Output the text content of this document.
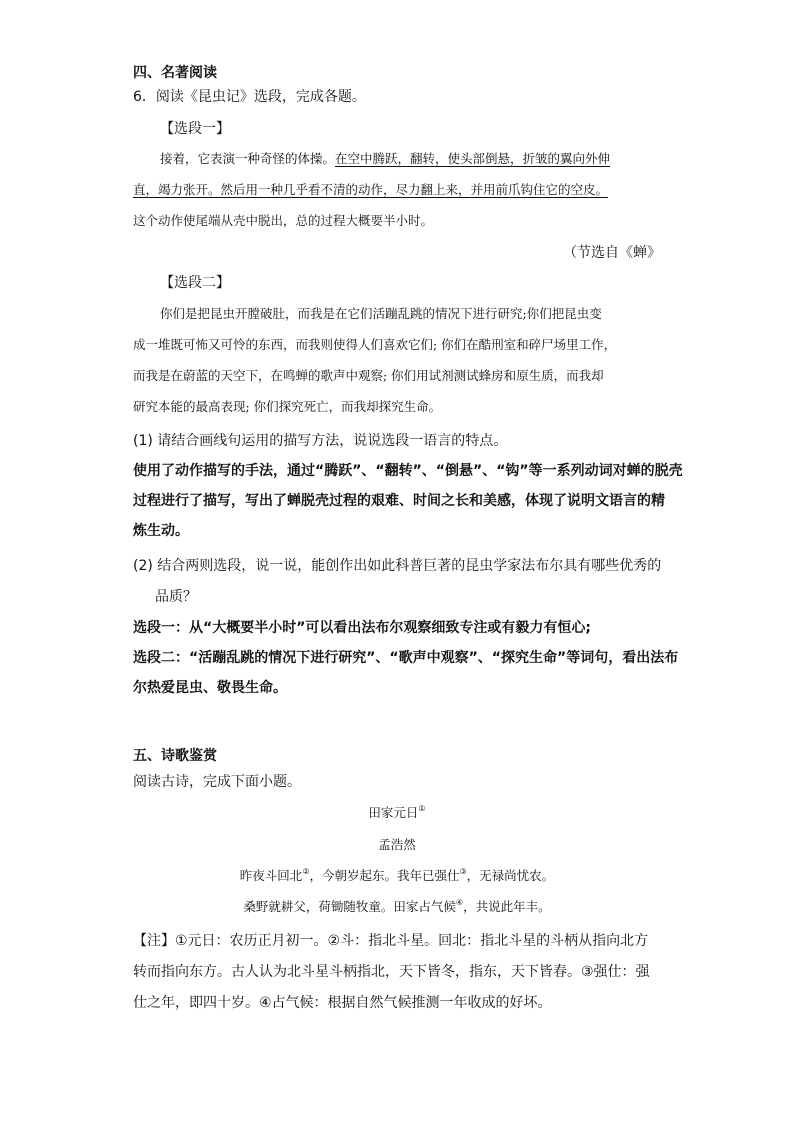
四、名著阅读
6．阅读《昆虫记》选段，完成各题。
【选段一】
接着，它表演一种奇怪的体操。在空中腾跃，翻转，使头部倒悬，折皱的翼向外伸
直，竭力张开。然后用一种几乎看不清的动作，尽力翻上来，并用前爪钩住它的空皮。
这个动作使尾端从壳中脱出，总的过程大概要半小时。
（节选自《蝉》
【选段二】
你们是把昆虫开膛破肚，而我是在它们活蹦乱跳的情况下进行研究;你们把昆虫变
成一堆既可怖又可怜的东西，而我则使得人们喜欢它们; 你们在酷刑室和碎尸场里工作，
而我是在蔚蓝的天空下，在鸣蝉的歌声中观察; 你们用试剂测试蜂房和原生质，而我却
研究本能的最高表现; 你们探究死亡，而我却探究生命。
(1) 请结合画线句运用的描写方法，说说选段一语言的特点。
使用了动作描写的手法，通过“腾跃”、“翻转”、“倒悬”、“钩”等一系列动词对蝉的脱壳
过程进行了描写，写出了蝉脱壳过程的艰难、时间之长和美感，体现了说明文语言的精
炼生动。
(2) 结合两则选段，说一说，能创作出如此科普巨著的昆虫学家法布尔具有哪些优秀的
品质？
选段一：从“大概要半小时”可以看出法布尔观察细致专注或有毅力有恒心;
选段二：“活蹦乱跳的情况下进行研究”、“歌声中观察”、“探究生命”等词句，看出法布
尔热爱昆虫、敬畏生命。
五、诗歌鉴赏
阅读古诗，完成下面小题。
田家元日①
孟浩然
昨夜斗回北②，今朝岁起东。我年已强仕③，无禄尚忧农。
桑野就耕父，荷锄随牧童。田家占气候④，共说此年丰。
【注】①元日：农历正月初一。②斗：指北斗星。回北：指北斗星的斗柄从指向北方
转而指向东方。古人认为北斗星斗柄指北，天下皆冬，指东，天下皆春。③强仕：强
仕之年，即四十岁。④占气候：根据自然气候推测一年收成的好坏。
